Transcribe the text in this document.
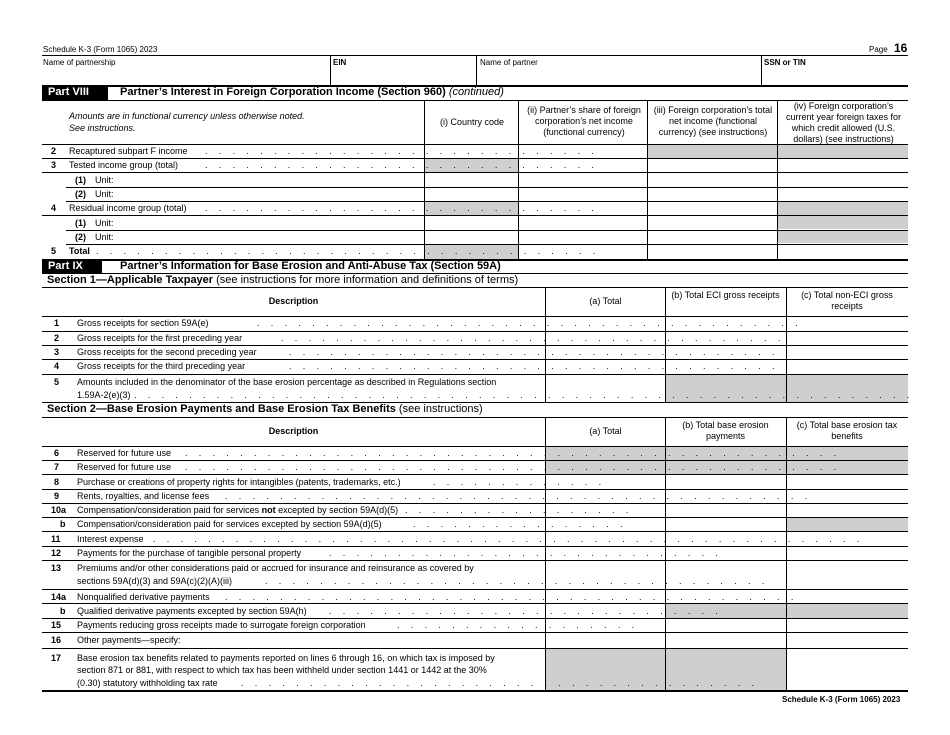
Schedule K-3 (Form 1065) 2023	Page 16
Name of partnership	EIN	Name of partner	SSN or TIN
Part VIII	Partner’s Interest in Foreign Corporation Income (Section 960) (continued)
Amounts are in functional currency unless otherwise noted.
See instructions.
(i) Country code
(ii) Partner’s share of foreign corporation’s net income (functional currency)
(iii) Foreign corporation’s total net income (functional currency) (see instructions)
(iv) Foreign corporation’s current year foreign taxes for which credit allowed (U.S. dollars) (see instructions)
2 Recaptured subpart F income . . . . . . . . . . . . . . . . . . . . . . . . . . . . .
3 Tested income group (total)	. . . . . . . . . . . . . . . . . . . . . . . . . . . . .
(1) Unit:
(2) Unit:
4 Residual income group (total) . . . . . . . . . . . . . . . . . . . . . . . . . . . . .
(1) Unit:
(2) Unit:
5 Total . . . . . . . . . . . . . . . . . . . . . . . . . . . . . . . . . . . . .
Part IX	Partner’s Information for Base Erosion and Anti-Abuse Tax (Section 59A)
Section 1—Applicable Taxpayer (see instructions for more information and definitions of terms)
Description	(a) Total
(b) Total ECI gross receipts	(c) Total non-ECI gross receipts
1 Gross receipts for section 59A(e)	. . . . . . . . . . . . . . . . . . . . . . . . . . . . . . . . . . . . . . . .
2 Gross receipts for the first preceding year	. . . . . . . . . . . . . . . . . . . . . . . . . . . . . . . . . . . . .
3 Gross receipts for the second preceding year	. . . . . . . . . . . . . . . . . . . . . . . . . . . . . . . . . . . .
4 Gross receipts for the third preceding year	. . . . . . . . . . . . . . . . . . . . . . . . . . . . . . . . . . . .
5 Amounts included in the denominator of the base erosion percentage as described in Regulations section
1.59A-2(e)(3) . . . . . . . . . . . . . . . . . . . . . . . . . . . . . . . . . . . . . . . . . . . . . . . . . . . . . . . . .
Section 2—Base Erosion Payments and Base Erosion Tax Benefits (see instructions)
Description	(a) Total
(b) Total base erosion payments
(c) Total base erosion tax benefits
6 Reserved for future use . . . . . . . . . . . . . . . . . . . . . . . . . . . . . . . . . . . . . . . . . . . . . . . .
7 Reserved for future use . . . . . . . . . . . . . . . . . . . . . . . . . . . . . . . . . . . . . . . . . . . . . . . .
8 Purchase or creations of property rights for intangibles (patents, trademarks, etc.)	. . . . . . . . . . . . .
9 Rents, royalties, and license fees . . . . . . . . . . . . . . . . . . . . . . . . . . . . . . . . . . . . . . . . . . .
10a Compensation/consideration paid for services not excepted by section 59A(d)(5) . . . . . . . . . . . . . . . . .
b Compensation/consideration paid for services excepted by section 59A(d)(5)	. . . . . . . . . . . . . . . .
11 Interest expense . . . . . . . . . . . . . . . . . . . . . . . . . . . . . . . . . . . . . . . . . . . . . . . . . . . .
12 Payments for the purchase of tangible personal property	. . . . . . . . . . . . . . . . . . . . . . . . . . . . .
13 Premiums and/or other considerations paid or accrued for insurance and reinsurance as covered by
sections 59A(d)(3) and 59A(c)(2)(A)(iii)	. . . . . . . . . . . . . . . . . . . . . . . . . . . . . . . . . . . . .
14a Nonqualified derivative payments . . . . . . . . . . . . . . . . . . . . . . . . . . . . . . . . . . . . . . . . . .
b Qualified derivative payments excepted by section 59A(h) . . . . . . . . . . . . . . . . . . . . . . . . . . . . .
15 Payments reducing gross receipts made to surrogate foreign corporation	. . . . . . . . . . . . . . . . . .
16 Other payments—specify:
17 Base erosion tax benefits related to payments reported on lines 6 through 16, on which tax is imposed by
section 871 or 881, with respect to which tax has been withheld under section 1441 or 1442 at the 30%
(0.30) statutory withholding tax rate	. . . . . . . . . . . . . . . . . . . . . . . . . . . . . . . . . . . . . .
Schedule K-3 (Form 1065) 2023
